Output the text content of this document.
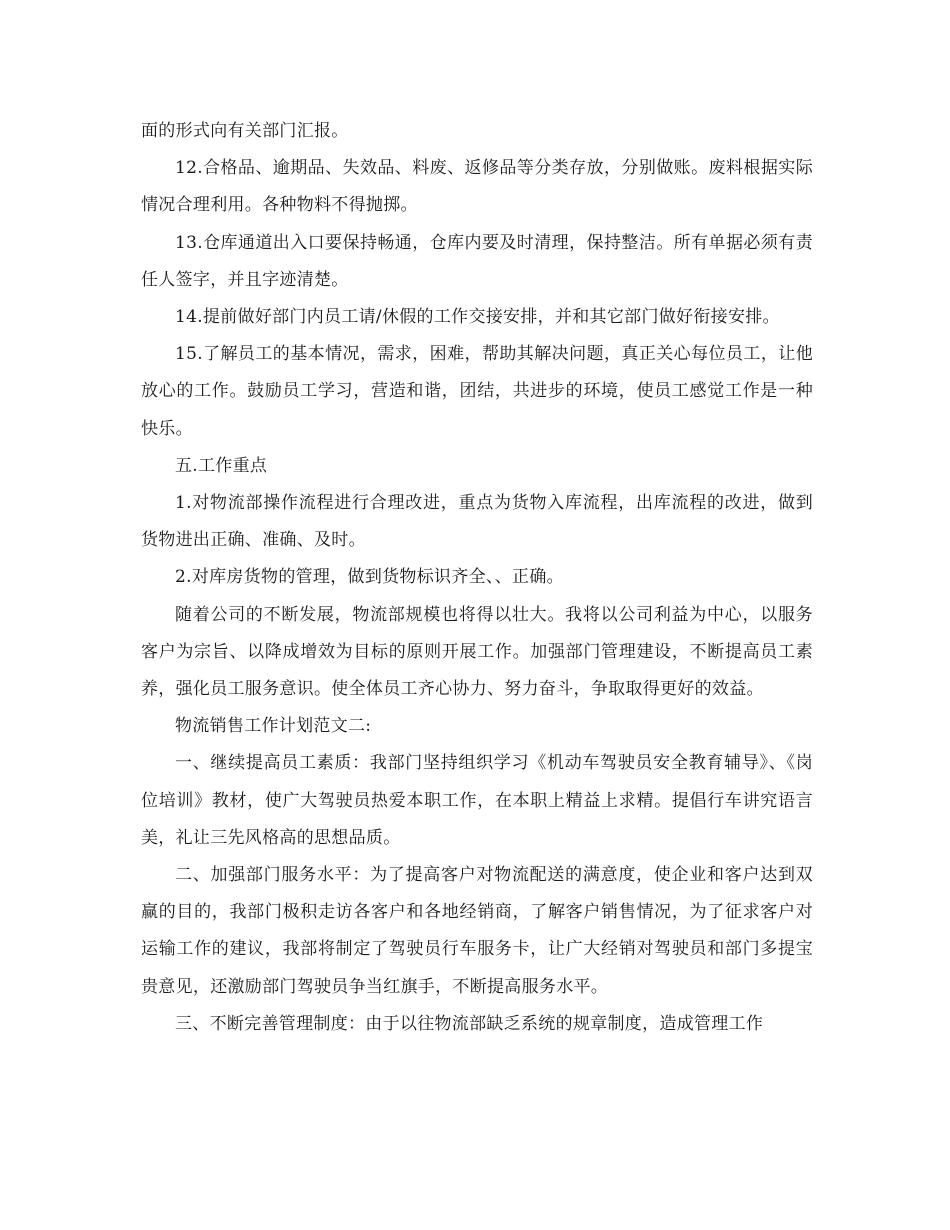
面的形式向有关部门汇报。

12.合格品、逾期品、失效品、料废、返修品等分类存放，分别做账。废料根据实际情况合理利用。各种物料不得抛掷。

13.仓库通道出入口要保持畅通，仓库内要及时清理，保持整洁。所有单据必须有责任人签字，并且字迹清楚。

14.提前做好部门内员工请/休假的工作交接安排，并和其它部门做好衔接安排。

15.了解员工的基本情况，需求，困难，帮助其解决问题，真正关心每位员工，让他放心的工作。鼓励员工学习，营造和谐，团结，共进步的环境，使员工感觉工作是一种快乐。

五.工作重点

1.对物流部操作流程进行合理改进，重点为货物入库流程，出库流程的改进，做到货物进出正确、准确、及时。

2.对库房货物的管理，做到货物标识齐全、、正确。

随着公司的不断发展，物流部规模也将得以壮大。我将以公司利益为中心，以服务客户为宗旨、以降成增效为目标的原则开展工作。加强部门管理建设，不断提高员工素养，强化员工服务意识。使全体员工齐心协力、努力奋斗，争取取得更好的效益。

物流销售工作计划范文二:

一、继续提高员工素质：我部门坚持组织学习《机动车驾驶员安全教育辅导》、《岗位培训》教材，使广大驾驶员热爱本职工作，在本职上精益上求精。提倡行车讲究语言美，礼让三先风格高的思想品质。

二、加强部门服务水平：为了提高客户对物流配送的满意度，使企业和客户达到双赢的目的，我部门极积走访各客户和各地经销商，了解客户销售情况，为了征求客户对运输工作的建议，我部将制定了驾驶员行车服务卡，让广大经销对驾驶员和部门多提宝贵意见，还激励部门驾驶员争当红旗手，不断提高服务水平。

三、不断完善管理制度：由于以往物流部缺乏系统的规章制度，造成管理工作
